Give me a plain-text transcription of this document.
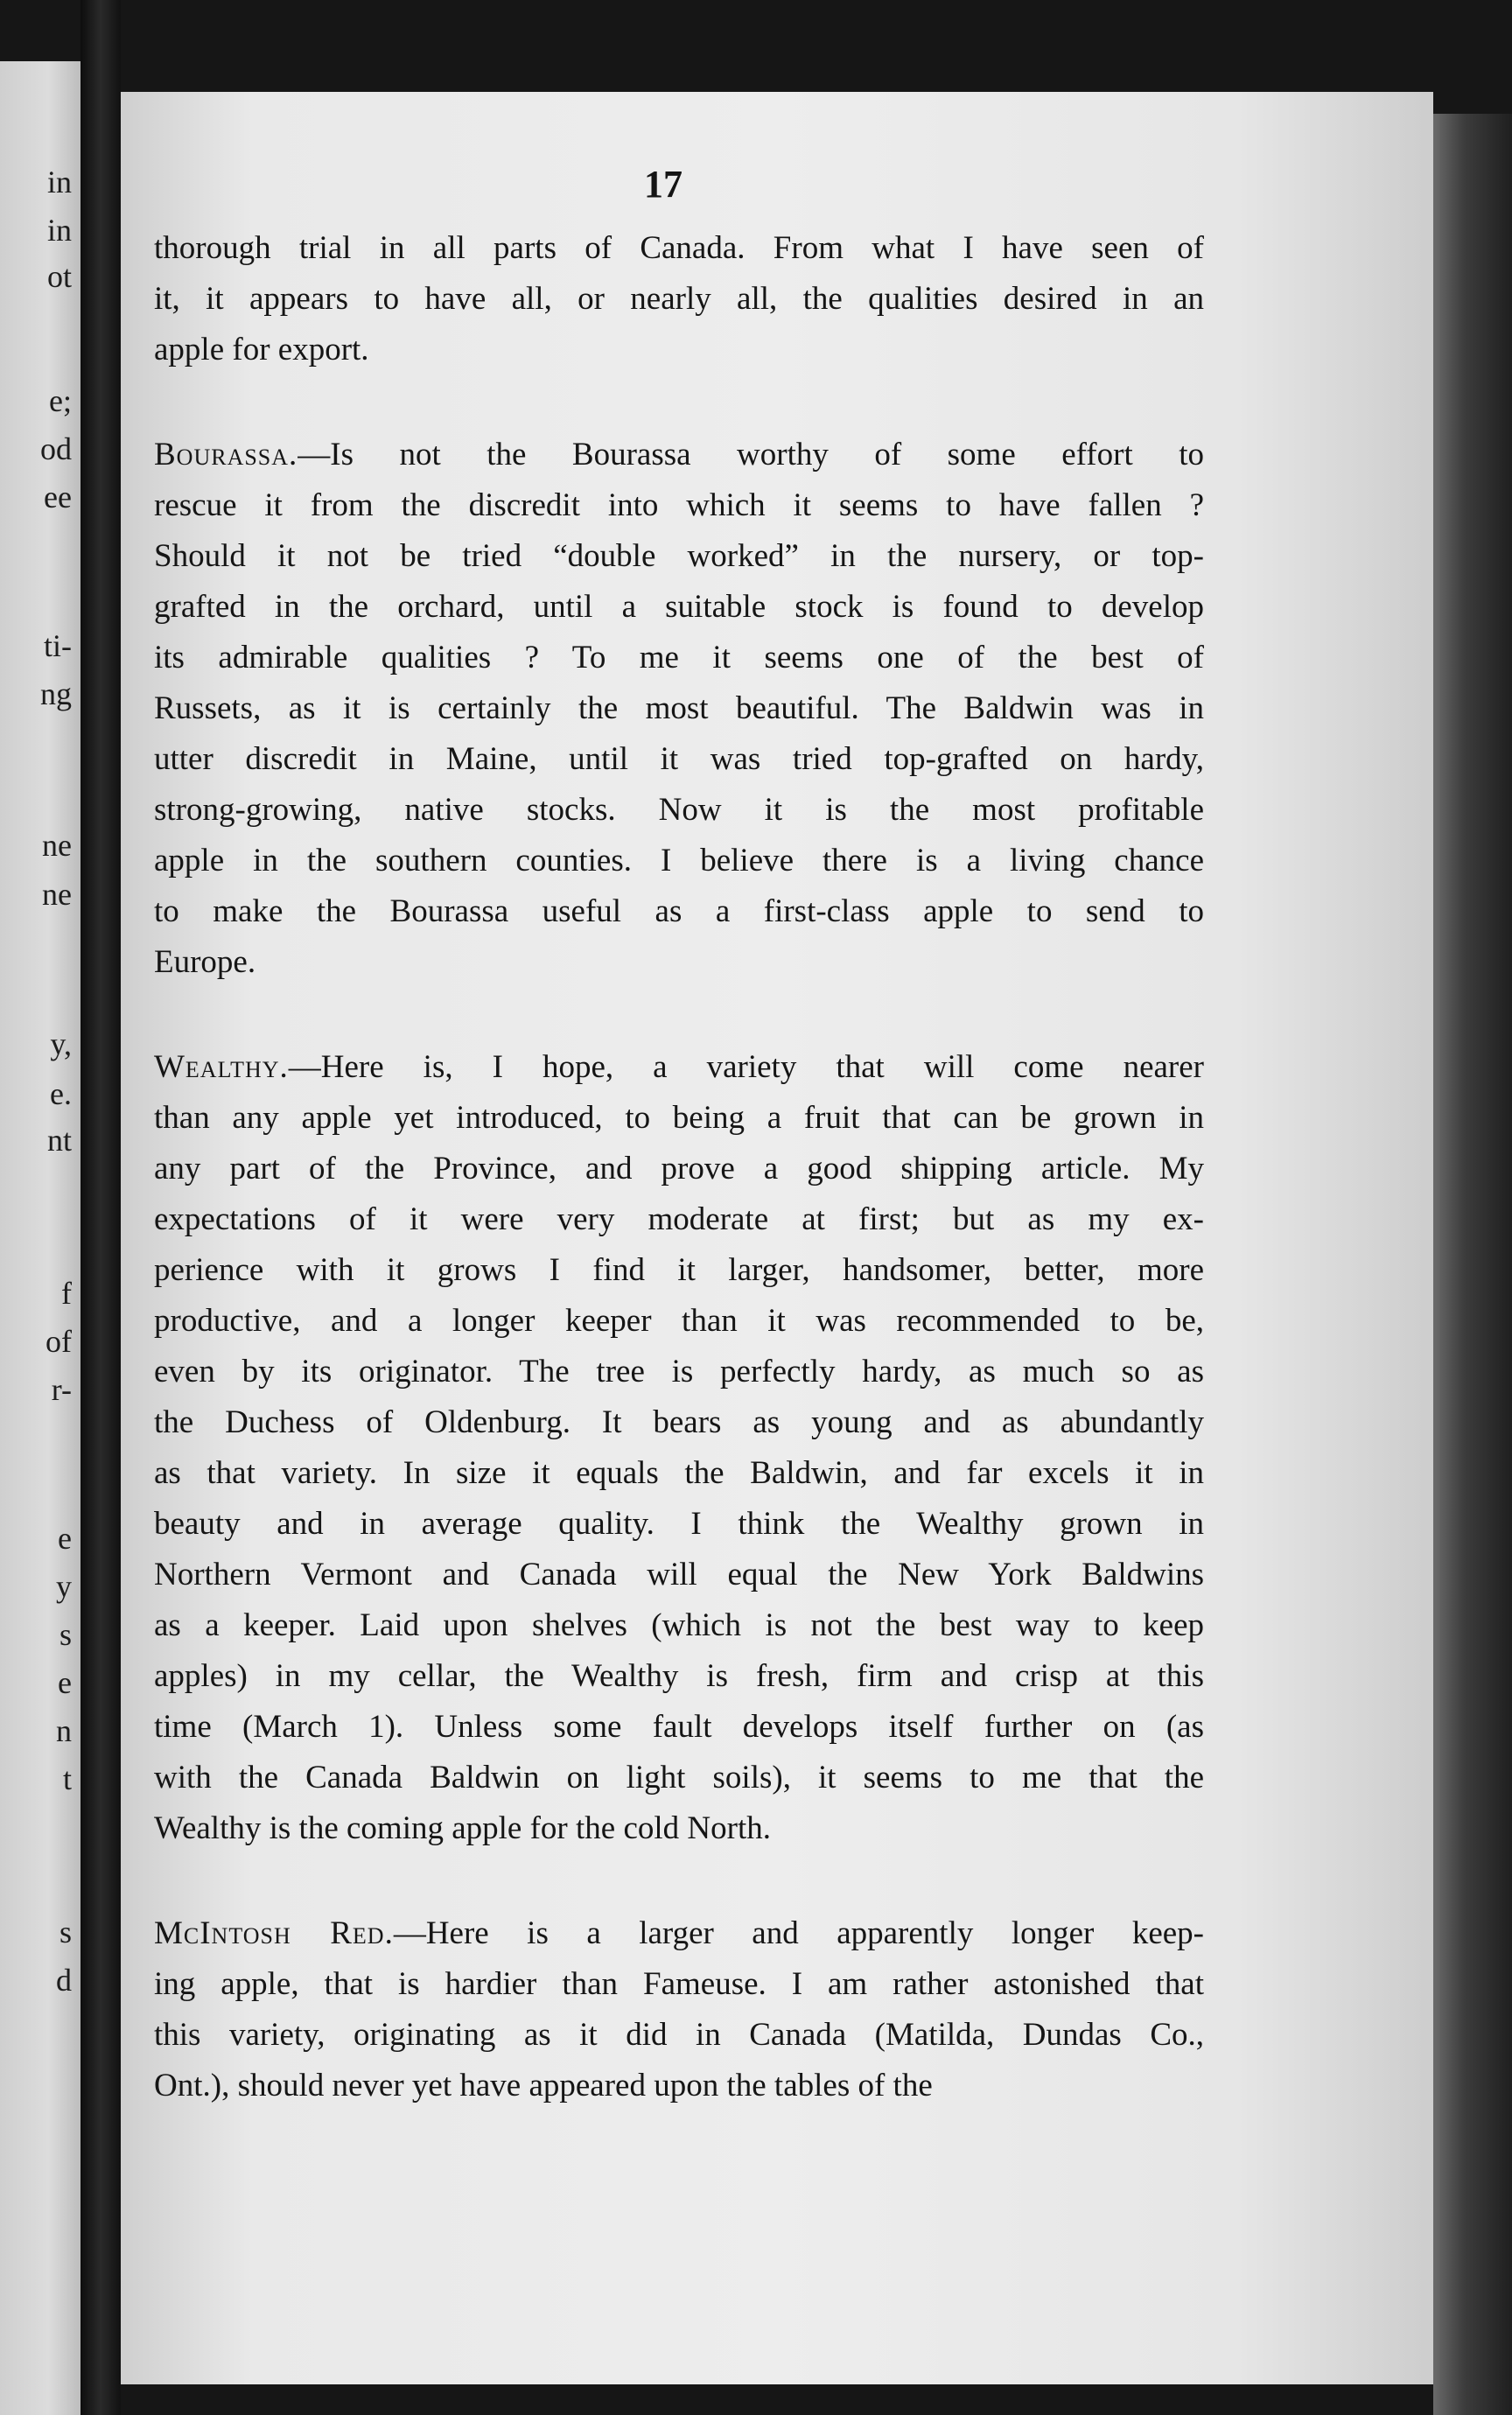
in
in
ot
e;
od
ee
ti-
ng
ne
ne
y,
e.
nt
f
of
r-
e
y
s
e
n
t
s
d
17
thorough trial in all parts of Canada. From what I have seen of
it, it appears to have all, or nearly all, the qualities desired in an
apple for export.
Bourassa.—Is not the Bourassa worthy of some effort to
rescue it from the discredit into which it seems to have fallen ?
Should it not be tried “double worked” in the nursery, or top-
grafted in the orchard, until a suitable stock is found to develop
its admirable qualities ? To me it seems one of the best of
Russets, as it is certainly the most beautiful. The Baldwin was in
utter discredit in Maine, until it was tried top-grafted on hardy,
strong-growing, native stocks. Now it is the most profitable
apple in the southern counties. I believe there is a living chance
to make the Bourassa useful as a first-class apple to send to
Europe.
Wealthy.—Here is, I hope, a variety that will come nearer
than any apple yet introduced, to being a fruit that can be grown in
any part of the Province, and prove a good shipping article. My
expectations of it were very moderate at first; but as my ex-
perience with it grows I find it larger, handsomer, better, more
productive, and a longer keeper than it was recommended to be,
even by its originator. The tree is perfectly hardy, as much so as
the Duchess of Oldenburg. It bears as young and as abundantly
as that variety. In size it equals the Baldwin, and far excels it in
beauty and in average quality. I think the Wealthy grown in
Northern Vermont and Canada will equal the New York Baldwins
as a keeper. Laid upon shelves (which is not the best way to keep
apples) in my cellar, the Wealthy is fresh, firm and crisp at this
time (March 1). Unless some fault develops itself further on (as
with the Canada Baldwin on light soils), it seems to me that the
Wealthy is the coming apple for the cold North.
McIntosh Red.—Here is a larger and apparently longer keep-
ing apple, that is hardier than Fameuse. I am rather astonished that
this variety, originating as it did in Canada (Matilda, Dundas Co.,
Ont.), should never yet have appeared upon the tables of the
